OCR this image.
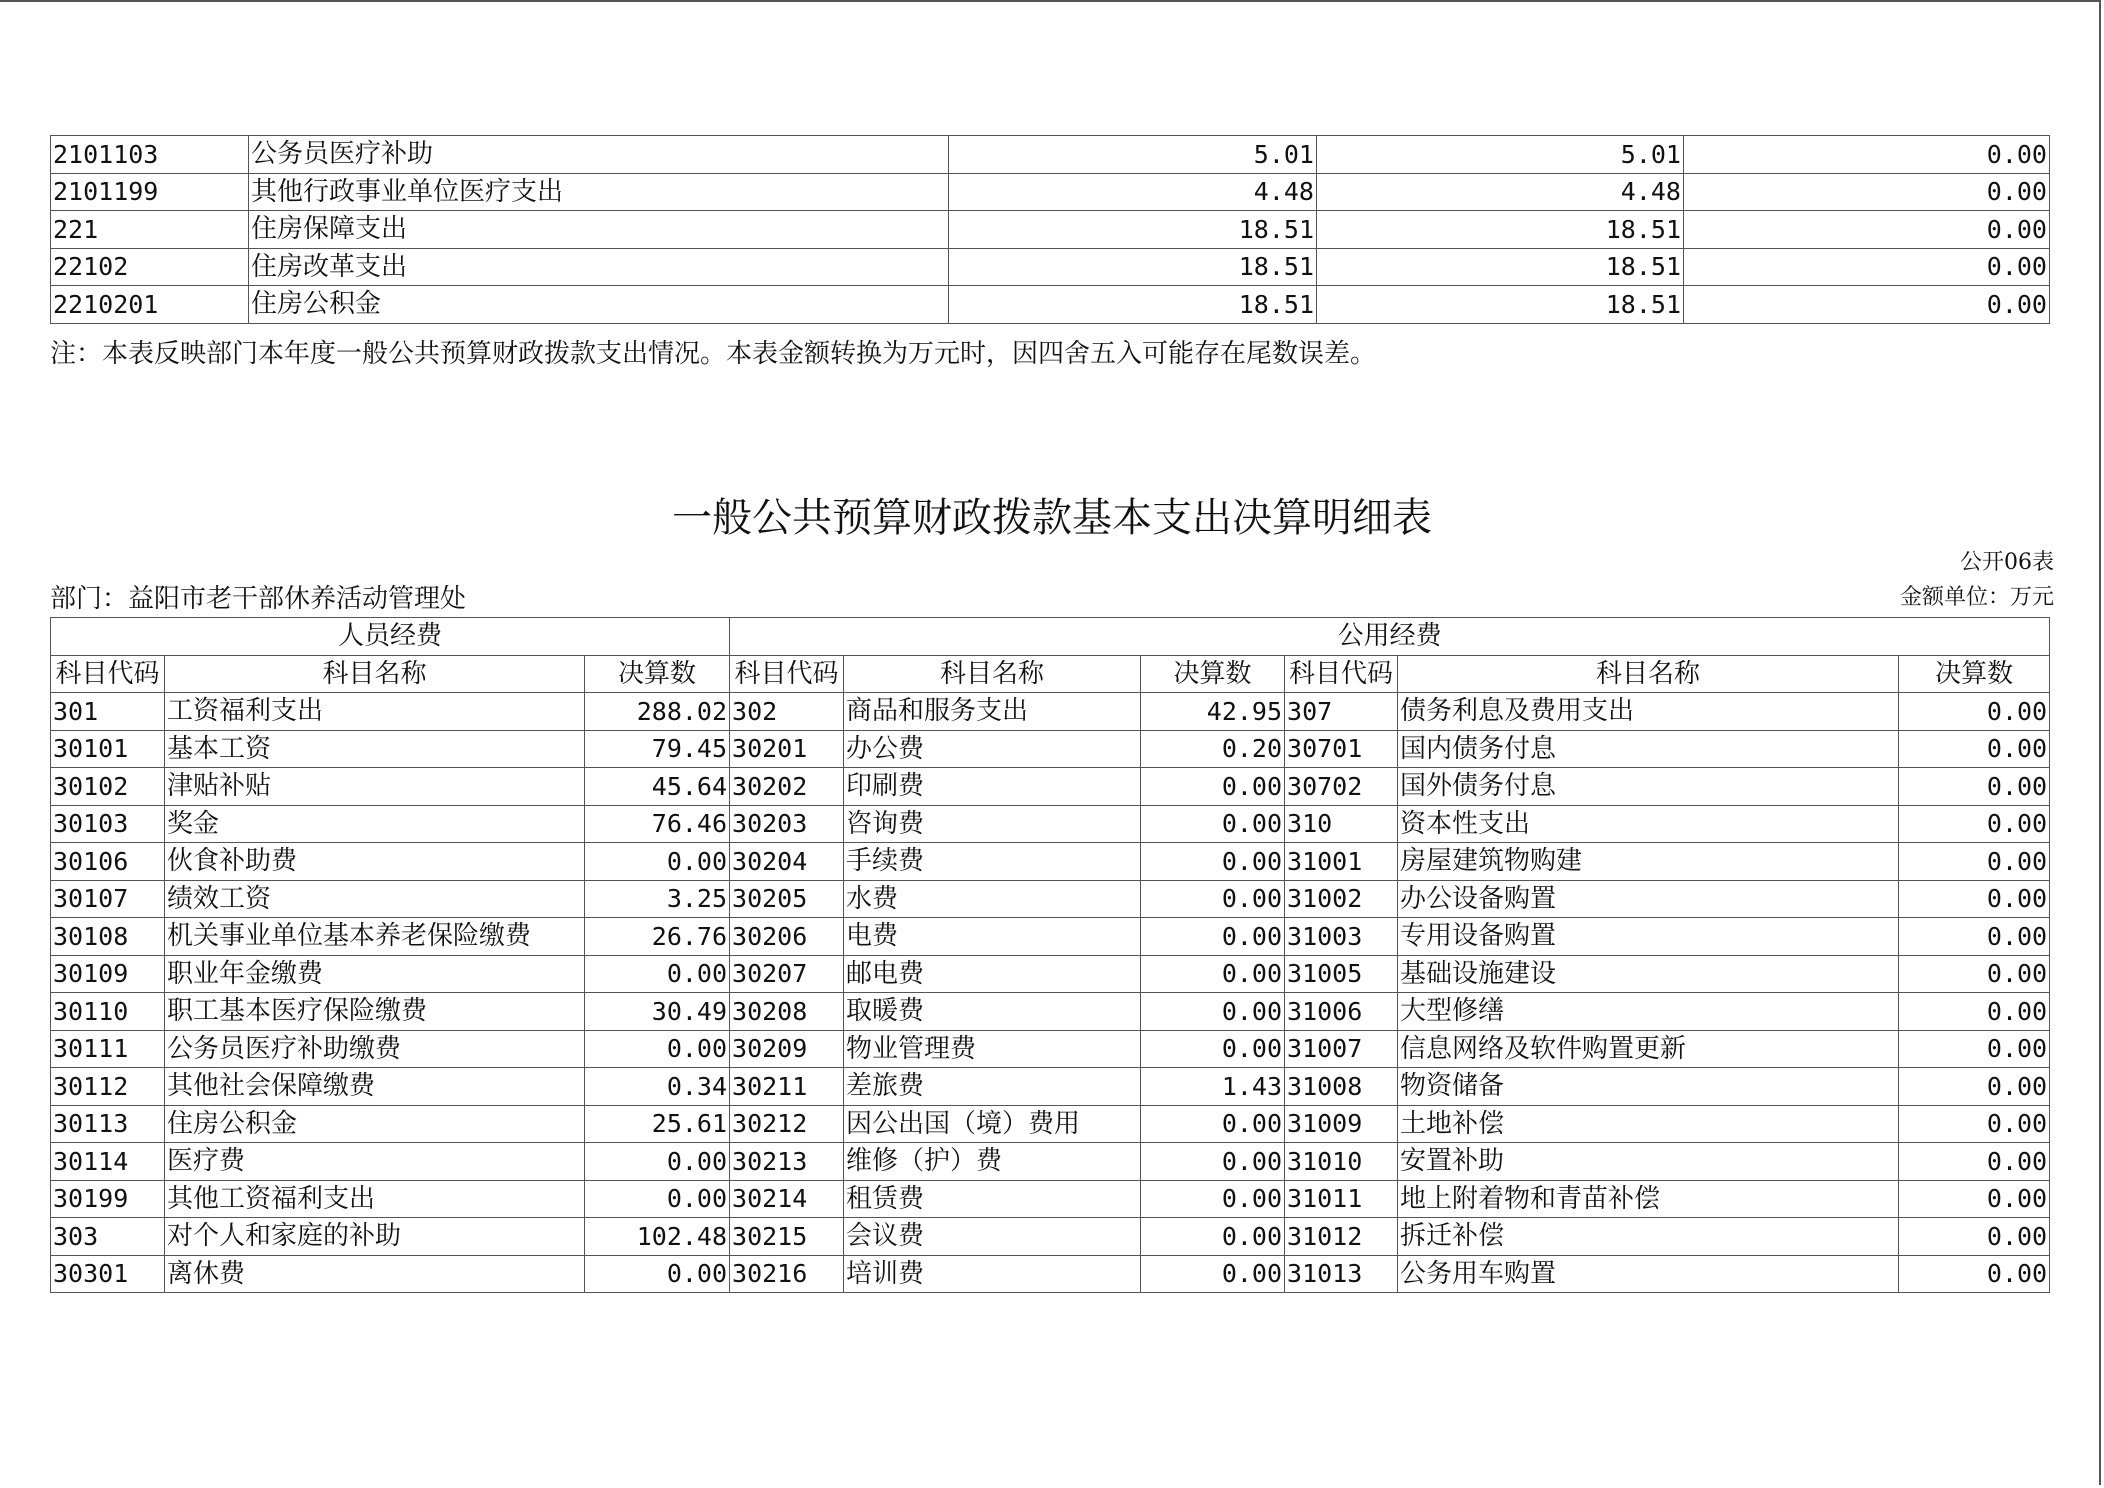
2101103	公务员医疗补助	5.01	5.01	0.00
2101199	其他行政事业单位医疗支出	4.48	4.48	0.00
221	住房保障支出	18.51	18.51	0.00
22102	住房改革支出	18.51	18.51	0.00
2210201	住房公积金	18.51	18.51	0.00
注：本表反映部门本年度一般公共预算财政拨款支出情况。本表金额转换为万元时，因四舍五入可能存在尾数误差。
一般公共预算财政拨款基本支出决算明细表
公开06表
部门：益阳市老干部休养活动管理处	金额单位：万元
人员经费			公用经费					
科目代码	科目名称	决算数	科目代码	科目名称	决算数	科目代码	科目名称	决算数
301	工资福利支出	288.02	302	商品和服务支出	42.95	307	债务利息及费用支出	0.00
30101	基本工资	79.45	30201	办公费	0.20	30701	国内债务付息	0.00
30102	津贴补贴	45.64	30202	印刷费	0.00	30702	国外债务付息	0.00
30103	奖金	76.46	30203	咨询费	0.00	310	资本性支出	0.00
30106	伙食补助费	0.00	30204	手续费	0.00	31001	房屋建筑物购建	0.00
30107	绩效工资	3.25	30205	水费	0.00	31002	办公设备购置	0.00
30108	机关事业单位基本养老保险缴费	26.76	30206	电费	0.00	31003	专用设备购置	0.00
30109	职业年金缴费	0.00	30207	邮电费	0.00	31005	基础设施建设	0.00
30110	职工基本医疗保险缴费	30.49	30208	取暖费	0.00	31006	大型修缮	0.00
30111	公务员医疗补助缴费	0.00	30209	物业管理费	0.00	31007	信息网络及软件购置更新	0.00
30112	其他社会保障缴费	0.34	30211	差旅费	1.43	31008	物资储备	0.00
30113	住房公积金	25.61	30212	因公出国（境）费用	0.00	31009	土地补偿	0.00
30114	医疗费	0.00	30213	维修（护）费	0.00	31010	安置补助	0.00
30199	其他工资福利支出	0.00	30214	租赁费	0.00	31011	地上附着物和青苗补偿	0.00
303	对个人和家庭的补助	102.48	30215	会议费	0.00	31012	拆迁补偿	0.00
30301	离休费	0.00	30216	培训费	0.00	31013	公务用车购置	0.00
